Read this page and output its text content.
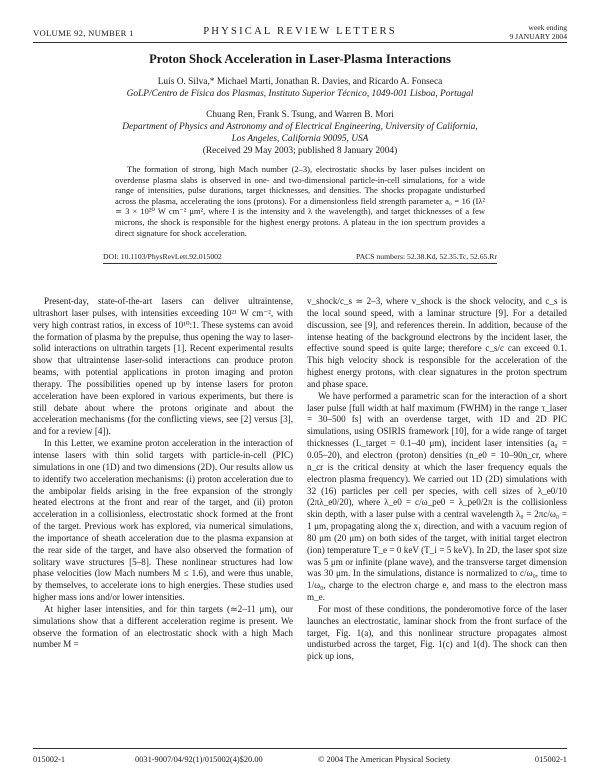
VOLUME 92, NUMBER 1	PHYSICAL REVIEW LETTERS	week ending
9 JANUARY 2004
Proton Shock Acceleration in Laser-Plasma Interactions
Luís O. Silva,* Michael Marti, Jonathan R. Davies, and Ricardo A. Fonseca
GoLP/Centro de Física dos Plasmas, Instituto Superior Técnico, 1049-001 Lisboa, Portugal
Chuang Ren, Frank S. Tsung, and Warren B. Mori
Department of Physics and Astronomy and of Electrical Engineering, University of California,
Los Angeles, California 90095, USA
(Received 29 May 2003; published 8 January 2004)

The formation of strong, high Mach number (2–3), electrostatic shocks by laser pulses incident on overdense plasma slabs is observed in one- and two-dimensional particle-in-cell simulations, for a wide range of intensities, pulse durations, target thicknesses, and densities. The shocks propagate undisturbed across the plasma, accelerating the ions (protons). For a dimensionless field strength parameter a₀ = 16 (Iλ² ≃ 3 × 10²⁰ W cm⁻² μm², where I is the intensity and λ the wavelength), and target thicknesses of a few microns, the shock is responsible for the highest energy protons. A plateau in the ion spectrum provides a direct signature for shock acceleration.

DOI: 10.1103/PhysRevLett.92.015002	PACS numbers: 52.38.Kd, 52.35.Tc, 52.65.Rr

Present-day, state-of-the-art lasers can deliver ultraintense, ultrashort laser pulses, with intensities exceeding 10²¹ W cm⁻², with very high contrast ratios, in excess of 10¹⁰:1. These systems can avoid the formation of plasma by the prepulse, thus opening the way to laser-solid interactions on ultrathin targets [1]. Recent experimental results show that ultraintense laser-solid interactions can produce proton beams, with potential applications in proton imaging and proton therapy. The possibilities opened up by intense lasers for proton acceleration have been explored in various experiments, but there is still debate about where the protons originate and about the acceleration mechanisms (for the conflicting views, see [2] versus [3], and for a review [4]).

In this Letter, we examine proton acceleration in the interaction of intense lasers with thin solid targets with particle-in-cell (PIC) simulations in one (1D) and two dimensions (2D). Our results allow us to identify two acceleration mechanisms: (i) proton acceleration due to the ambipolar fields arising in the free expansion of the strongly heated electrons at the front and rear of the target, and (ii) proton acceleration in a collisionless, electrostatic shock formed at the front of the target. Previous work has explored, via numerical simulations, the importance of sheath acceleration due to the plasma expansion at the rear side of the target, and have also observed the formation of solitary wave structures [5–8]. These nonlinear structures had low phase velocities (low Mach numbers M ≤ 1.6), and were thus unable, by themselves, to accelerate ions to high energies. These studies used higher mass ions and/or lower intensities.

At higher laser intensities, and for thin targets (≃2–11 μm), our simulations show that a different acceleration regime is present. We observe the formation of an electrostatic shock with a high Mach number M =

v_shock/c_s ≃ 2–3, where v_shock is the shock velocity, and c_s is the local sound speed, with a laminar structure [9]. For a detailed discussion, see [9], and references therein. In addition, because of the intense heating of the background electrons by the incident laser, the effective sound speed is quite large; therefore c_s/c can exceed 0.1. This high velocity shock is responsible for the acceleration of the highest energy protons, with clear signatures in the proton spectrum and phase space.

We have performed a parametric scan for the interaction of a short laser pulse [full width at half maximum (FWHM) in the range τ_laser = 30–500 fs] with an overdense target, with 1D and 2D PIC simulations, using OSIRIS framework [10], for a wide range of target thicknesses (L_target = 0.1–40 μm), incident laser intensities (a₀ = 0.05–20), and electron (proton) densities (n_e0 = 10–90n_cr, where n_cr is the critical density at which the laser frequency equals the electron plasma frequency). We carried out 1D (2D) simulations with 32 (16) particles per cell per species, with cell sizes of λ_e0/10 (2πλ_e0/20), where λ_e0 = c/ω_pe0 = λ_pe0/2π is the collisionless skin depth, with a laser pulse with a central wavelength λ₀ = 2πc/ω₀ = 1 μm, propagating along the x₁ direction, and with a vacuum region of 80 μm (20 μm) on both sides of the target, with initial target electron (ion) temperature T_e = 0 keV (T_i = 5 keV). In 2D, the laser spot size was 5 μm or infinite (plane wave), and the transverse target dimension was 30 μm. In the simulations, distance is normalized to c/ω₀, time to 1/ω₀, charge to the electron charge e, and mass to the electron mass m_e.

For most of these conditions, the ponderomotive force of the laser launches an electrostatic, laminar shock from the front surface of the target, Fig. 1(a), and this nonlinear structure propagates almost undisturbed across the target, Fig. 1(c) and 1(d). The shock can then pick up ions,

015002-1	0031-9007/04/92(1)/015002(4)$20.00	© 2004 The American Physical Society	015002-1
